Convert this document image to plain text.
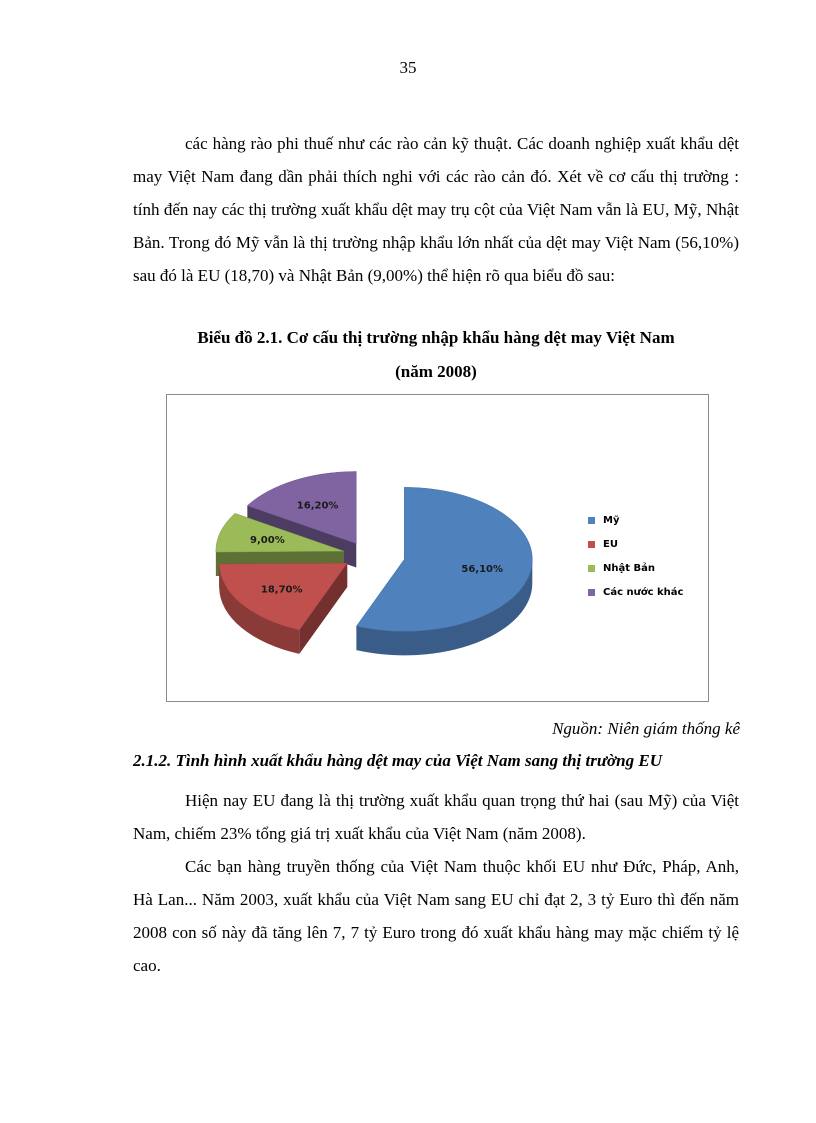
35

các hàng rào phi thuế như các rào cản kỹ thuật. Các doanh nghiệp xuất khẩu dệt may Việt Nam đang dần phải thích nghi với các rào cản đó. Xét về cơ cấu thị trường : tính đến nay các thị trường xuất khẩu dệt may trụ cột của Việt Nam vẫn là EU, Mỹ, Nhật Bản. Trong đó Mỹ vẫn là thị trường nhập khẩu lớn nhất của dệt may Việt Nam (56,10%) sau đó là EU (18,70) và Nhật Bản (9,00%) thể hiện rõ qua biểu đồ sau:

Biểu đồ 2.1. Cơ cấu thị trường nhập khẩu hàng dệt may Việt Nam

(năm 2008)

56,10%
18,70%
9,00%
16,20%
Mỹ
EU
Nhật Bản
Các nước khác
Nguồn: Niên giám thống kê

2.1.2. Tình hình xuất khẩu hàng dệt may của Việt Nam sang thị trường EU

Hiện nay EU đang là thị trường xuất khẩu quan trọng thứ hai (sau Mỹ) của Việt Nam, chiếm 23% tổng giá trị xuất khẩu của Việt Nam (năm 2008).

Các bạn hàng truyền thống của Việt Nam thuộc khối EU như Đức, Pháp, Anh, Hà Lan... Năm 2003, xuất khẩu của Việt Nam sang EU chỉ đạt 2, 3 tỷ Euro thì đến năm 2008 con số này đã tăng lên 7, 7 tỷ Euro trong đó xuất khẩu hàng may mặc chiếm tỷ lệ cao.
